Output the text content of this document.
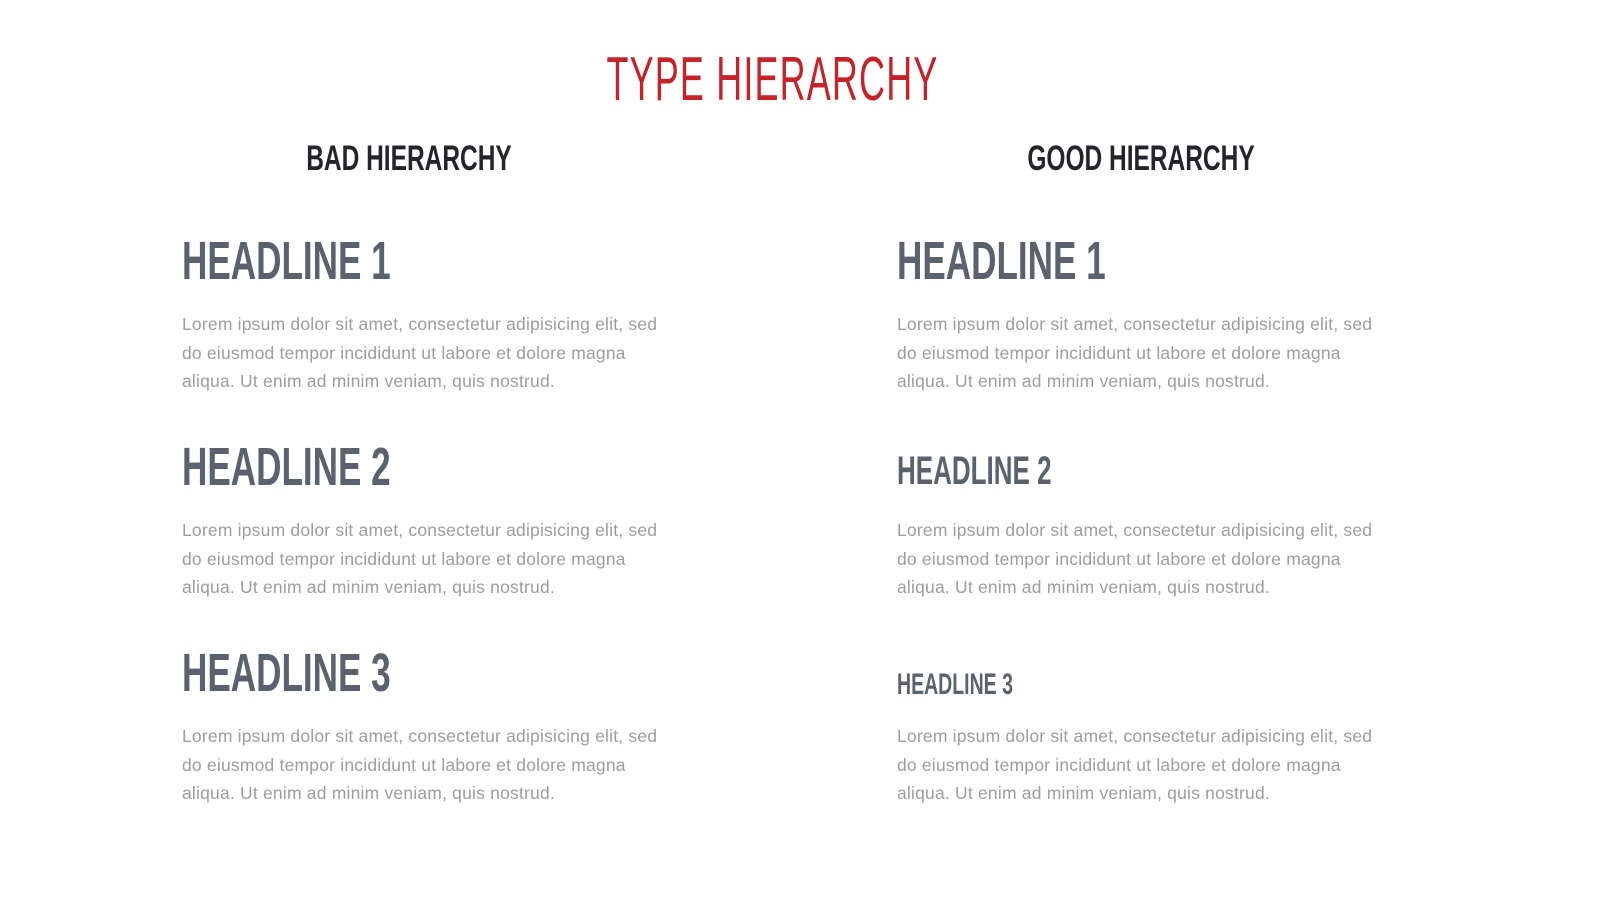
TYPE HIERARCHY
BAD HIERARCHY	GOOD HIERARCHY
HEADLINE 1
Lorem ipsum dolor sit amet, consectetur adipisicing elit, sed
do eiusmod tempor incididunt ut labore et dolore magna
aliqua. Ut enim ad minim veniam, quis nostrud.
HEADLINE 2
Lorem ipsum dolor sit amet, consectetur adipisicing elit, sed
do eiusmod tempor incididunt ut labore et dolore magna
aliqua. Ut enim ad minim veniam, quis nostrud.
HEADLINE 3
Lorem ipsum dolor sit amet, consectetur adipisicing elit, sed
do eiusmod tempor incididunt ut labore et dolore magna
aliqua. Ut enim ad minim veniam, quis nostrud.
HEADLINE 1
Lorem ipsum dolor sit amet, consectetur adipisicing elit, sed
do eiusmod tempor incididunt ut labore et dolore magna
aliqua. Ut enim ad minim veniam, quis nostrud.
HEADLINE 2
Lorem ipsum dolor sit amet, consectetur adipisicing elit, sed
do eiusmod tempor incididunt ut labore et dolore magna
aliqua. Ut enim ad minim veniam, quis nostrud.
HEADLINE 3
Lorem ipsum dolor sit amet, consectetur adipisicing elit, sed
do eiusmod tempor incididunt ut labore et dolore magna
aliqua. Ut enim ad minim veniam, quis nostrud.
